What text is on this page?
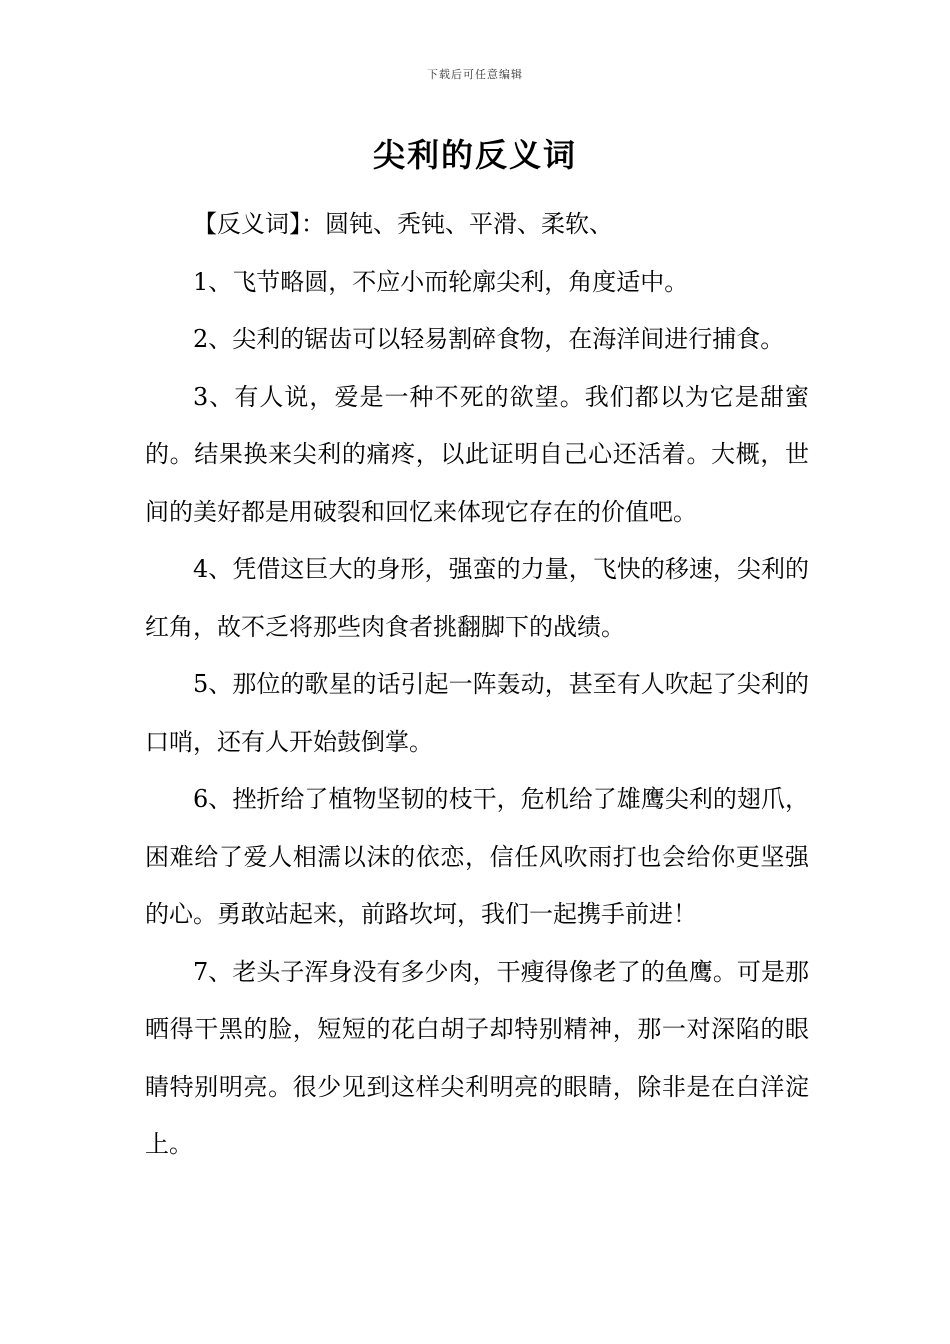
下载后可任意编辑
尖利的反义词

【反义词】：圆钝、秃钝、平滑、柔软、

1、飞节略圆，不应小而轮廓尖利，角度适中。

2、尖利的锯齿可以轻易割碎食物，在海洋间进行捕食。

3、有人说，爱是一种不死的欲望。我们都以为它是甜蜜的。结果换来尖利的痛疼，以此证明自己心还活着。大概，世间的美好都是用破裂和回忆来体现它存在的价值吧。

4、凭借这巨大的身形，强蛮的力量，飞快的移速，尖利的红角，故不乏将那些肉食者挑翻脚下的战绩。

5、那位的歌星的话引起一阵轰动，甚至有人吹起了尖利的口哨，还有人开始鼓倒掌。

6、挫折给了植物坚韧的枝干，危机给了雄鹰尖利的翅爪，困难给了爱人相濡以沫的依恋，信任风吹雨打也会给你更坚强的心。勇敢站起来，前路坎坷，我们一起携手前进！

7、老头子浑身没有多少肉，干瘦得像老了的鱼鹰。可是那晒得干黑的脸，短短的花白胡子却特别精神，那一对深陷的眼睛特别明亮。很少见到这样尖利明亮的眼睛，除非是在白洋淀上。
